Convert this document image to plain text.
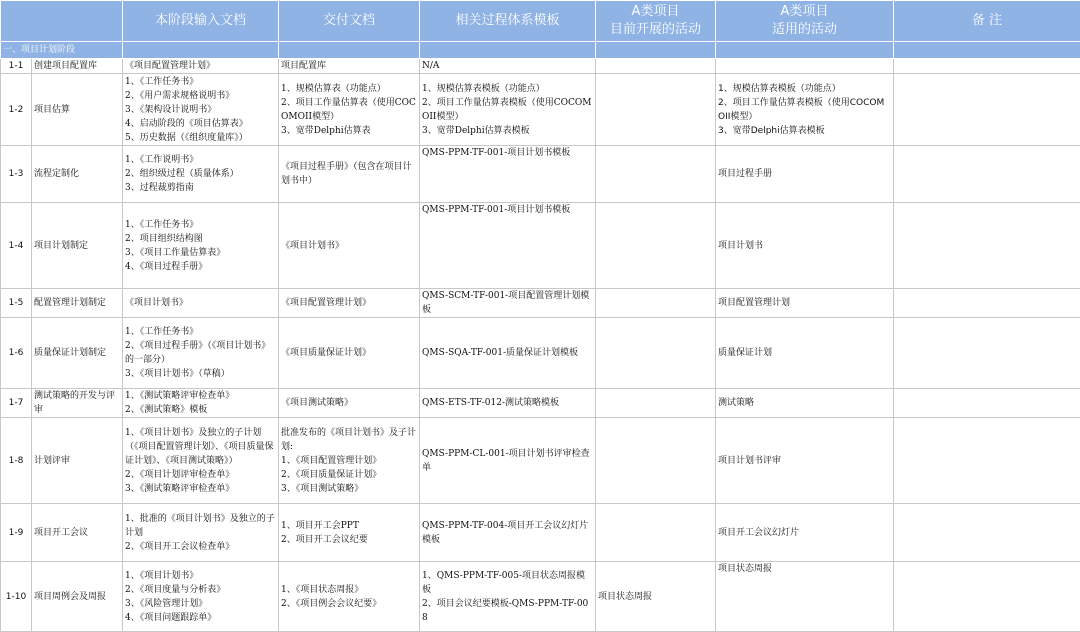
		本阶段输入文档	交付文档	相关过程体系模板	A类项目
目前开展的活动	A类项目
适用的活动	备 注
一、项目计划阶段							

1-1	创建项目配置库	《项目配置管理计划》	项目配置库	N/A			

1-2	项目估算	1、《工作任务书》
2、《用户需求规格说明书》
3、《架构设计说明书》
4、启动阶段的《项目估算表》
5、历史数据（《组织度量库》）	1、规模估算表（功能点）
2、项目工作量估算表（使用COCOMOII模型）
3、宽带Delphi估算表	1、规模估算表模板（功能点）
2、项目工作量估算表模板（使用COCOMOII模型）
3、宽带Delphi估算表模板		1、规模估算表模板（功能点）
2、项目工作量估算表模板（使用COCOMOII模型）
3、宽带Delphi估算表模板	

1-3	流程定制化	1、《工作说明书》
2、组织级过程（质量体系）
3、过程裁剪指南	《项目过程手册》（包含在项目计划书中）	QMS-PPM-TF-001-项目计划书模板		项目过程手册	

1-4	项目计划制定	1、《工作任务书》
2、项目组织结构图
3、《项目工作量估算表》
4、《项目过程手册》	《项目计划书》	QMS-PPM-TF-001-项目计划书模板		项目计划书	

1-5	配置管理计划制定	《项目计划书》	《项目配置管理计划》	QMS-SCM-TF-001-项目配置管理计划模板		项目配置管理计划	

1-6	质量保证计划制定	1、《工作任务书》
2、《项目过程手册》（《项目计划书》的一部分）
3、《项目计划书》（草稿）	《项目质量保证计划》	QMS-SQA-TF-001-质量保证计划模板		质量保证计划	

1-7	测试策略的开发与评审	1、《测试策略评审检查单》
2、《测试策略》模板	《项目测试策略》	QMS-ETS-TF-012-测试策略模板		测试策略	

1-8	计划评审	1、《项目计划书》及独立的子计划（《项目配置管理计划》、《项目质量保证计划》、《项目测试策略》）
2、《项目计划评审检查单》
3、《测试策略评审检查单》	批准发布的《项目计划书》及子计划:
1、《项目配置管理计划》
2、《项目质量保证计划》
3、《项目测试策略》	QMS-PPM-CL-001-项目计划书评审检查单		项目计划书评审	

1-9	项目开工会议	1、批准的《项目计划书》及独立的子计划
2、《项目开工会议检查单》	1、项目开工会PPT
2、项目开工会议纪要	QMS-PPM-TF-004-项目开工会议幻灯片模板		项目开工会议幻灯片	

1-10	项目周例会及周报	1、《项目计划书》
2、《项目度量与分析表》
3、《风险管理计划》
4、《项目问题跟踪单》	1、《项目状态周报》
2、《项目例会会议纪要》	1、QMS-PPM-TF-005-项目状态周报模板
2、项目会议纪要模板-QMS-PPM-TF-008	项目状态周报	项目状态周报	
